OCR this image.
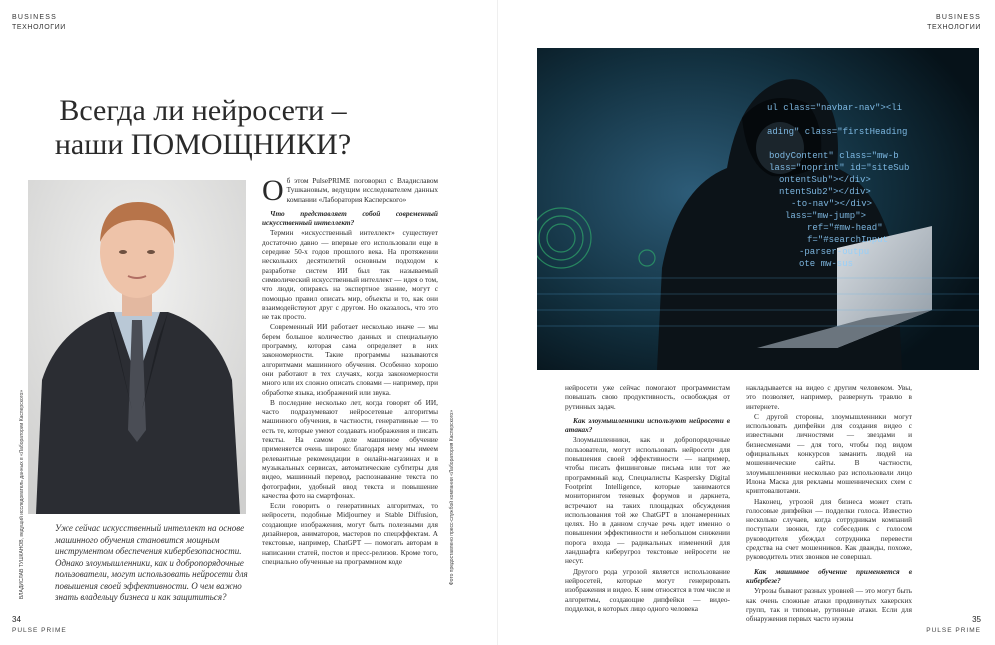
BUSINESS
ТЕХНОЛОГИИ
Всегда ли нейросети –
наши ПОМОЩНИКИ?
ВЛАДИСЛАВ ТУШКАНОВ, ведущий исследователь данных в «Лаборатории Касперского»	Уже сейчас искусственный интеллект на основе машинного обучения становится мощным инструментом обеспечения кибербезопасности. Однако злоумышленники, как и добропорядочные пользователи, могут использовать нейросети для повышения своей эффективности. О чем важно знать владельцу бизнеса и как защититься?

Об этом PulsePRIME поговорил с Владиславом Тушкановым, ведущим исследователем данных компании «Лаборатория Касперского»

Что представляет собой современный искусственный интеллект?

Термин «искусственный интеллект» существует достаточно давно — впервые его использовали еще в середине 50-х годов прошлого века. На протяжении нескольких десятилетий основным подходом к разработке систем ИИ был так называемый символический искусственный интеллект — идея о том, что люди, опираясь на экспертное знание, могут с помощью правил описать мир, объекты и то, как они взаимодействуют друг с другом. Но оказалось, что это не так просто.

Современный ИИ работает несколько иначе — мы берем большое количество данных и специальную программу, которая сама определяет в них закономерности. Такие программы называются алгоритмами машинного обучения. Особенно хорошо они работают в тех случаях, когда закономерности много или их сложно описать словами — например, при обработке языка, изображений или звука.

В последние несколько лет, когда говорят об ИИ, часто подразумевают нейросетевые алгоритмы машинного обучения, в частности, генеративные — то есть те, которые умеют создавать изображения и писать тексты. На самом деле машинное обучение применяется очень широко: благодаря нему мы имеем релевантные рекомендации в онлайн-магазинах и в музыкальных сервисах, автоматические субтитры для видео, машинный перевод, распознавание текста по фотографии, удобный ввод текста и повышение качества фото на смартфонах.

Если говорить о генеративных алгоритмах, то нейросети, подобные Midjourney и Stable Diffusion, создающие изображения, могут быть полезными для дизайнеров, аниматоров, мастеров по спецэффектам. А текстовые, например, ChatGPT — помогать авторам в написании статей, постов и пресс-релизов. Кроме того, специально обученные на программном коде

34
PULSE PRIME
BUSINESS
ТЕХНОЛОГИИ
ul class="navbar-nav"><li
ading" class="firstHeading
bodyContent" class="mw-b
lass="noprint" id="siteSub
ontentSub"></div>
ntentSub2"></div>
-to-nav"></div>
lass="mw-jump">
ref="#mw-head"
f="#searchInput
-parser-outpu
ote mw-sus
Фото предоставлено пресс-службой компании «Лаборатория Касперского»

нейросети уже сейчас помогают программистам повышать свою продуктивность, освобождая от рутинных задач.

Как злоумышленники используют нейросети в атаках?

Злоумышленники, как и добропорядочные пользователи, могут использовать нейросети для повышения своей эффективности — например, чтобы писать фишинговые письма или тот же программный код. Специалисты Kaspersky Digital Footprint Intelligence, которые занимаются мониторингом теневых форумов и даркнета, встречают на таких площадках обсуждения использования той же ChatGPT в злонамеренных целях. Но в данном случае речь идет именно о повышении эффективности и небольшом снижении порога входа — радикальных изменений для ландшафта киберугроз текстовые нейросети не несут.

Другого рода угрозой является использование нейросетей, которые могут генерировать изображения и видео. К ним относятся в том числе и алгоритмы, создающие дипфейки — видео-подделки, в которых лицо одного человека

накладывается на видео с другим человеком. Увы, это позволяет, например, развернуть травлю в интернете.

С другой стороны, злоумышленники могут использовать дипфейки для создания видео с известными личностями — звездами и бизнесменами — для того, чтобы под видом официальных конкурсов заманить людей на мошеннические сайты. В частности, злоумышленники несколько раз использовали лицо Илона Маска для рекламы мошеннических схем с криптовалютами.

Наконец, угрозой для бизнеса может стать голосовые дипфейки — подделки голоса. Известно несколько случаев, когда сотрудникам компаний поступали звонки, где собеседник с голосом руководителя убеждал сотрудника перевести средства на счет мошенников. Как дважды, похоже, руководитель этих звонков не совершал.

Как машинное обучение применяется в кибербезе?

Угрозы бывают разных уровней — это могут быть как очень сложные атаки продвинутых хакерских групп, так и типовые, рутинные атаки. Если для обнаружения первых часто нужны	35
PULSE PRIME
